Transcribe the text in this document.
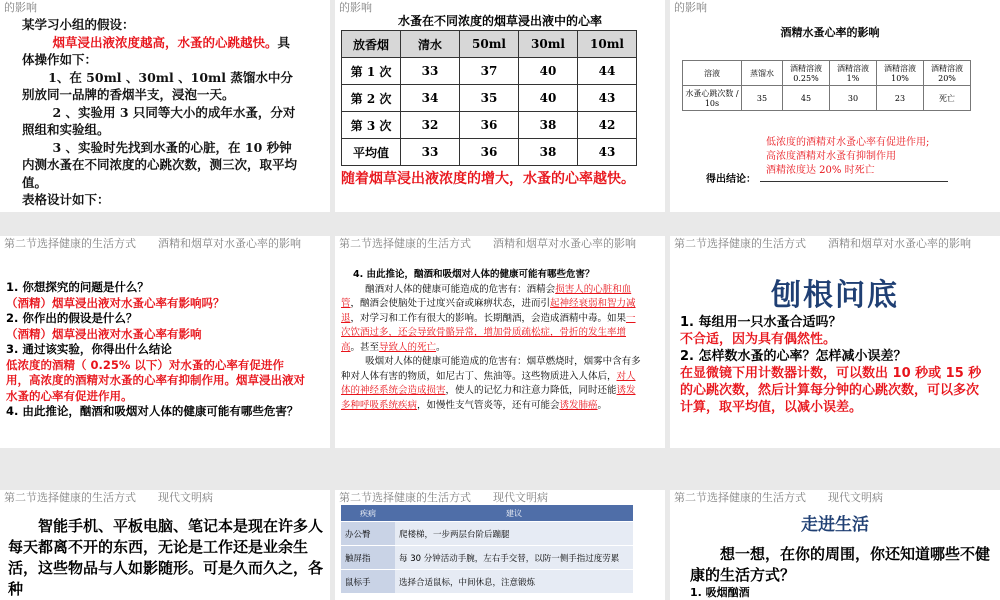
的影响

某学习小组的假设：

烟草浸出液浓度越高，水蚤的心跳越快。具体操作如下：

1、在 50ml 、30ml 、10ml 蒸馏水中分别放同一品牌的香烟半支，浸泡一天。

2 、实验用 3 只同等大小的成年水蚤，分对照组和实验组。

3 、实验时先找到水蚤的心脏，在 10 秒钟内测水蚤在不同浓度的心跳次数，测三次，取平均值。

表格设计如下：

的影响
水蚤在不同浓度的烟草浸出液中的心率
放香烟	清水	50ml	30ml	10ml
第 1 次	33	37	40	44
第 2 次	34	35	40	43
第 3 次	32	36	38	42
平均值	33	36	38	43
随着烟草浸出液浓度的增大，水蚤的心率越快。
的影响
酒精水蚤心率的影响
溶液	蒸馏水	酒精溶液 0.25%	酒精溶液 1%	酒精溶液 10%	酒精溶液 20%
水蚤心跳次数 / 10s	35	45	30	23	死亡

低浓度的酒精对水蚤心率有促进作用;

高浓度酒精对水蚤有抑制作用

酒精浓度达 20% 时死亡

得出结论：
第二节选择健康的生活方式　　酒精和烟草对水蚤心率的影响

1. 你想探究的问题是什么？

（酒精）烟草浸出液对水蚤心率有影响吗？

2. 你作出的假设是什么？

（酒精）烟草浸出液对水蚤心率有影响

3. 通过该实验，你得出什么结论

低浓度的酒精（ 0.25% 以下）对水蚤的心率有促进作用，高浓度的酒精对水蚤的心率有抑制作用。烟草浸出液对水蚤的心率有促进作用。

4. 由此推论，酗酒和吸烟对人体的健康可能有哪些危害？

第二节选择健康的生活方式　　酒精和烟草对水蚤心率的影响

4. 由此推论，酗酒和吸烟对人体的健康可能有哪些危害？

酗酒对人体的健康可能造成的危害有：酒精会损害人的心脏和血管，酗酒会使脑处于过度兴奋或麻痹状态，进而引起神经衰弱和智力减退，对学习和工作有很大的影响。长期酗酒，会造成酒精中毒。如果一次饮酒过多，还会导致骨骼异常，增加骨质疏松症，骨折的发生率增高。甚至导致人的死亡。

吸烟对人体的健康可能造成的危害有：烟草燃烧时，烟雾中含有多种对人体有害的物质，如尼古丁、焦油等。这些物质进入人体后，对人体的神经系统会造成损害，使人的记忆力和注意力降低，同时还能诱发多种呼吸系统疾病，如慢性支气管炎等，还有可能会诱发肺癌。

第二节选择健康的生活方式　　酒精和烟草对水蚤心率的影响
刨根问底

1. 每组用一只水蚤合适吗？

不合适，因为具有偶然性。

2. 怎样数水蚤的心率？怎样减小误差？

在显微镜下用计数器计数，可以数出 10 秒或 15 秒的心跳次数，然后计算每分钟的心跳次数，可以多次计算，取平均值，以减小误差。

第二节选择健康的生活方式　　现代文明病
　　智能手机、平板电脑、笔记本是现在许多人每天都离不开的东西，无论是工作还是业余生活，这些物品与人如影随形。可是久而久之，各种
第二节选择健康的生活方式　　现代文明病
疾病	建议
办公臀	爬楼梯，一步两层台阶后蹦腿
触屏指	每 30 分钟活动手腕，左右手交替，以防一侧手指过度劳累
鼠标手	选择合适鼠标，中间休息，注意锻炼
第二节选择健康的生活方式　　现代文明病
走进生活

　　想一想，在你的周围，你还知道哪些不健康的生活方式？

1. 吸烟酗酒
